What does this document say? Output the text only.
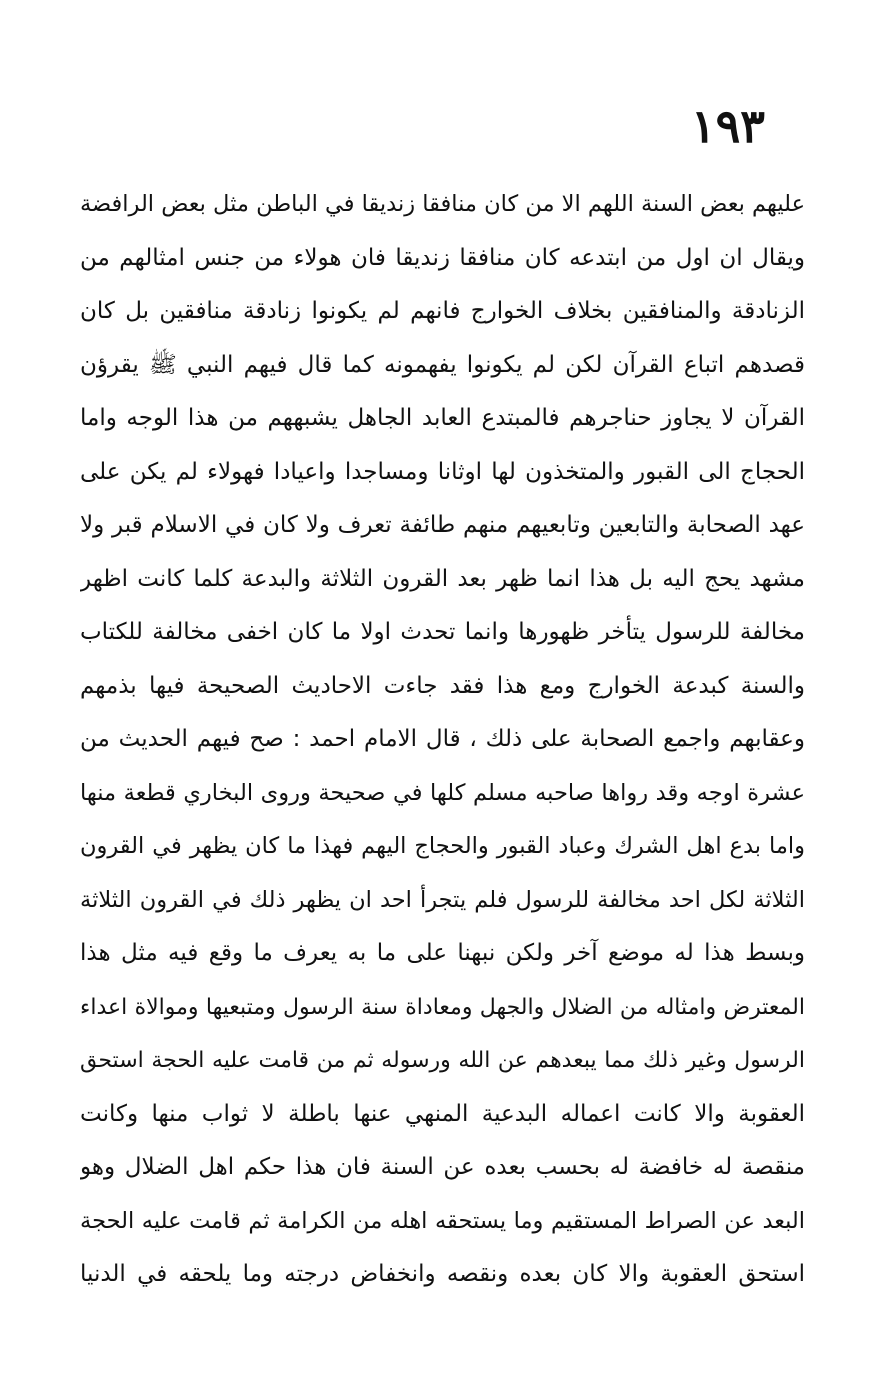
١٩٣
عليهم بعض السنة اللهم الا من كان منافقا زنديقا في الباطن مثل بعض الرافضة
ويقال ان اول من ابتدعه كان منافقا زنديقا فان هولاء من جنس امثالهم من
الزنادقة والمنافقين بخلاف الخوارج فانهم لم يكونوا زنادقة منافقين بل كان
قصدهم اتباع القرآن لكن لم يكونوا يفهمونه كما قال فيهم النبي ﷺ يقرؤن
القرآن لا يجاوز حناجرهم فالمبتدع العابد الجاهل يشبههم من هذا الوجه واما
الحجاج الى القبور والمتخذون لها اوثانا ومساجدا واعيادا فهولاء لم يكن على
عهد الصحابة والتابعين وتابعيهم منهم طائفة تعرف ولا كان في الاسلام قبر ولا
مشهد يحج اليه بل هذا انما ظهر بعد القرون الثلاثة والبدعة كلما كانت اظهر
مخالفة للرسول يتأخر ظهورها وانما تحدث اولا ما كان اخفى مخالفة للكتاب
والسنة كبدعة الخوارج ومع هذا فقد جاءت الاحاديث الصحيحة فيها بذمهم
وعقابهم واجمع الصحابة على ذلك ، قال الامام احمد : صح فيهم الحديث من
عشرة اوجه وقد رواها صاحبه مسلم كلها في صحيحة وروى البخاري قطعة منها
واما بدع اهل الشرك وعباد القبور والحجاج اليهم فهذا ما كان يظهر في القرون
الثلاثة لكل احد مخالفة للرسول فلم يتجرأ احد ان يظهر ذلك في القرون الثلاثة
وبسط هذا له موضع آخر ولكن نبهنا على ما به يعرف ما وقع فيه مثل هذا
المعترض وامثاله من الضلال والجهل ومعاداة سنة الرسول ومتبعيها وموالاة اعداء
الرسول وغير ذلك مما يبعدهم عن الله ورسوله ثم من قامت عليه الحجة استحق
العقوبة والا كانت اعماله البدعية المنهي عنها باطلة لا ثواب منها وكانت
منقصة له خافضة له بحسب بعده عن السنة فان هذا حكم اهل الضلال وهو
البعد عن الصراط المستقيم وما يستحقه اهله من الكرامة ثم قامت عليه الحجة
استحق العقوبة والا كان بعده ونقصه وانخفاض درجته وما يلحقه في الدنيا
